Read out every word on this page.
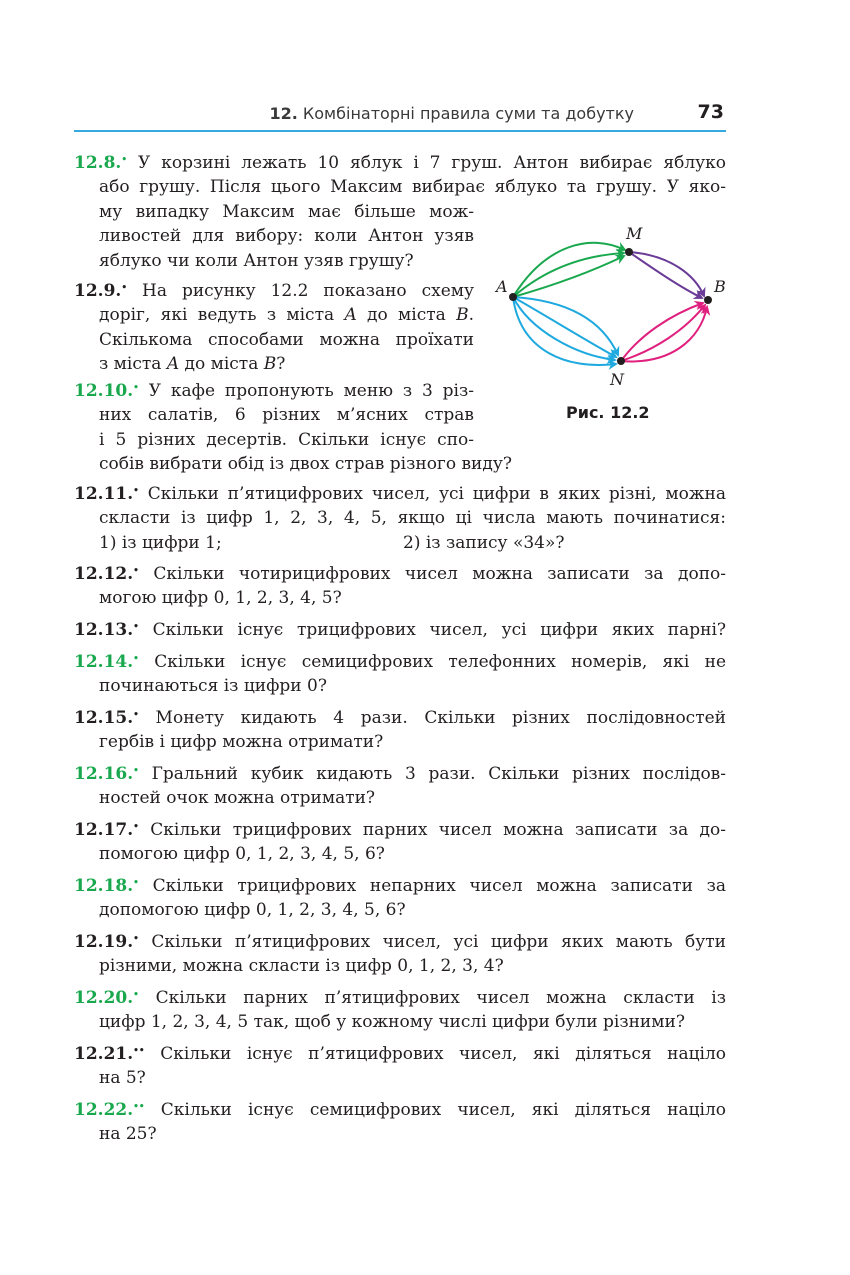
12. Комбінаторні правила суми та добутку	73
12.8.• У корзині лежать 10 яблук і 7 груш. Антон вибирає яблуко
або грушу. Після цього Максим вибирає яблуко та грушу. У яко-
му випадку Максим має більше мож-
ливостей для вибору: коли Антон узяв
яблуко чи коли Антон узяв грушу?
12.9.• На рисунку 12.2 показано схему
доріг, які ведуть з міста A до міста B.
Скількома способами можна проїхати
з міста A до міста B?
12.10.• У кафе пропонують меню з 3 різ-
них салатів, 6 різних м’ясних страв
і 5 різних десертів. Скільки існує спо-
собів вибрати обід із двох страв різного виду?
A
M
B
N
Рис. 12.2
12.11.• Скільки п’ятицифрових чисел, усі цифри в яких різні, можна
скласти із цифр 1, 2, 3, 4, 5, якщо ці числа мають починатися:
1) із цифри 1;	2) із запису «34»?
12.12.• Скільки чотирицифрових чисел можна записати за допо-
могою цифр 0, 1, 2, 3, 4, 5?
12.13.• Скільки існує трицифрових чисел, усі цифри яких парні?
12.14.• Скільки існує семицифрових телефонних номерів, які не
починаються із цифри 0?
12.15.• Монету кидають 4 рази. Скільки різних послідовностей
гербів і цифр можна отримати?
12.16.• Гральний кубик кидають 3 рази. Скільки різних послідов-
ностей очок можна отримати?
12.17.• Скільки трицифрових парних чисел можна записати за до-
помогою цифр 0, 1, 2, 3, 4, 5, 6?
12.18.• Скільки трицифрових непарних чисел можна записати за
допомогою цифр 0, 1, 2, 3, 4, 5, 6?
12.19.• Скільки п’ятицифрових чисел, усі цифри яких мають бути
різними, можна скласти із цифр 0, 1, 2, 3, 4?
12.20.• Скільки парних п’ятицифрових чисел можна скласти із
цифр 1, 2, 3, 4, 5 так, щоб у кожному числі цифри були різними?
12.21.•• Скільки існує п’ятицифрових чисел, які діляться націло
на 5?
12.22.•• Скільки існує семицифрових чисел, які діляться націло
на 25?
